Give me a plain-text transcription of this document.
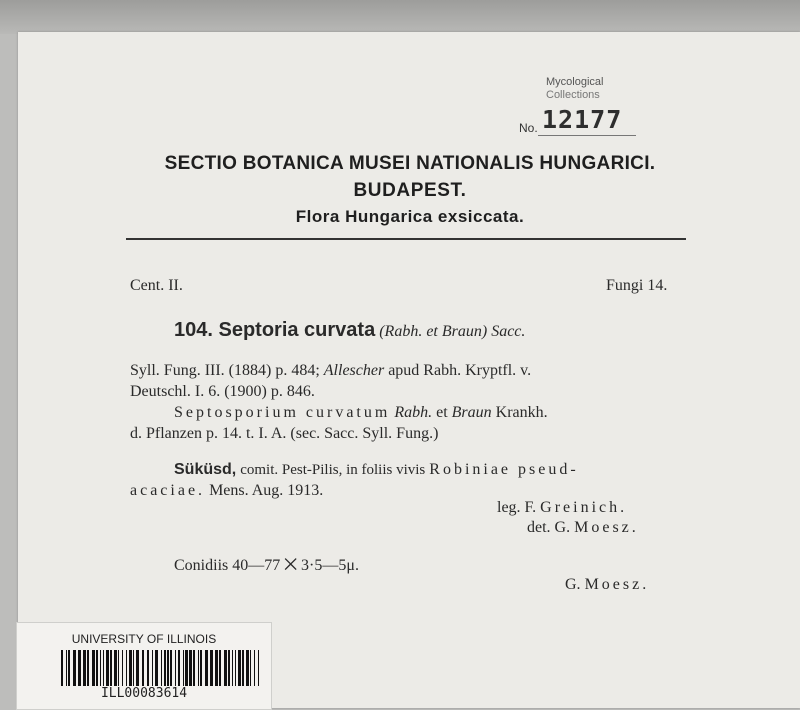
Mycological
Collections
No. 12177
SECTIO BOTANICA MUSEI NATIONALIS HUNGARICI.
BUDAPEST.
Flora Hungarica exsiccata.
Cent. II.	Fungi 14.
104. Septoria curvata (Rabh. et Braun) Sacc.
Syll. Fung. III. (1884) p. 484; Allescher apud Rabh. Kryptfl. v.
Deutschl. I. 6. (1900) p. 846.
Septosporium curvatum Rabh. et Braun Krankh.
d. Pflanzen p. 14. t. I. A. (sec. Sacc. Syll. Fung.)
Süküsd, comit. Pest-Pilis, in foliis vivis Robiniae pseud-
acaciae. Mens. Aug. 1913.
leg. F. Greinich.
det. G. Moesz.
Conidiis 40—77 ⨉ 3·5—5μ.
G. Moesz.
UNIVERSITY OF ILLINOIS
ILL00083614
